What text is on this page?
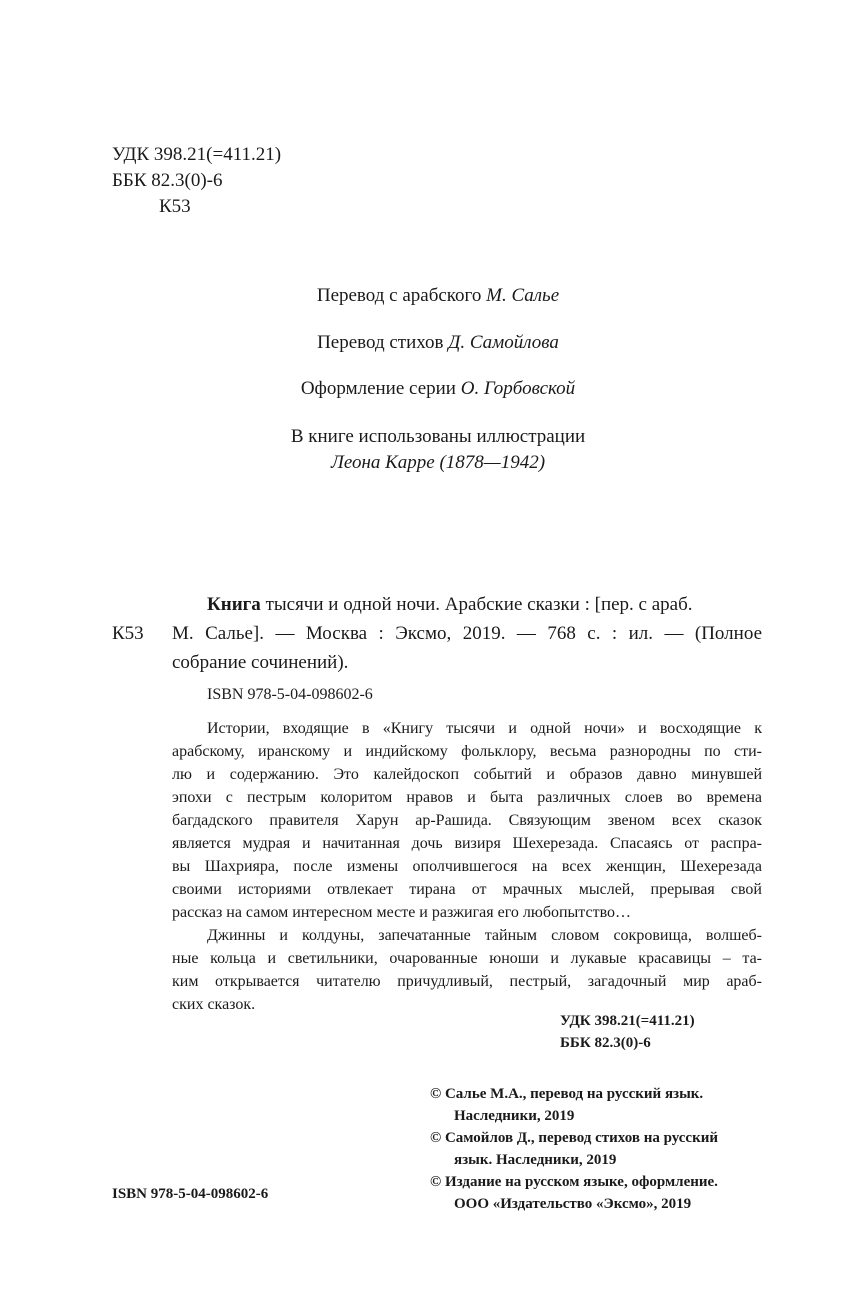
УДК 398.21(=411.21)
ББК 82.3(0)-6
К53
Перевод с арабского М. Салье
Перевод стихов Д. Самойлова
Оформление серии О. Горбовской
В книге использованы иллюстрации
Леона Карре (1878—1942)
К53
Книга тысячи и одной ночи. Арабские сказки : [пер. с араб.
М. Салье]. — Москва : Эксмо, 2019. — 768 с. : ил. — (Полное
собрание сочинений).
ISBN 978-5-04-098602-6
Истории, входящие в «Книгу тысячи и одной ночи» и восходящие к
арабскому, иранскому и индийскому фольклору, весьма разнородны по сти-
лю и содержанию. Это калейдоскоп событий и образов давно минувшей
эпохи с пестрым колоритом нравов и быта различных слоев во времена
багдадского правителя Харун ар-Рашида. Связующим звеном всех сказок
является мудрая и начитанная дочь визиря Шехерезада. Спасаясь от распра-
вы Шахрияра, после измены ополчившегося на всех женщин, Шехерезада
своими историями отвлекает тирана от мрачных мыслей, прерывая свой
рассказ на самом интересном месте и разжигая его любопытство…
Джинны и колдуны, запечатанные тайным словом сокровища, волшеб-
ные кольца и светильники, очарованные юноши и лукавые красавицы – та-
ким открывается читателю причудливый, пестрый, загадочный мир араб-
ских сказок.
УДК 398.21(=411.21)
ББК 82.3(0)-6
© Салье М.А., перевод на русский язык.
Наследники, 2019
© Самойлов Д., перевод стихов на русский
язык. Наследники, 2019
© Издание на русском языке, оформление.
ООО «Издательство «Эксмо», 2019
ISBN 978-5-04-098602-6
